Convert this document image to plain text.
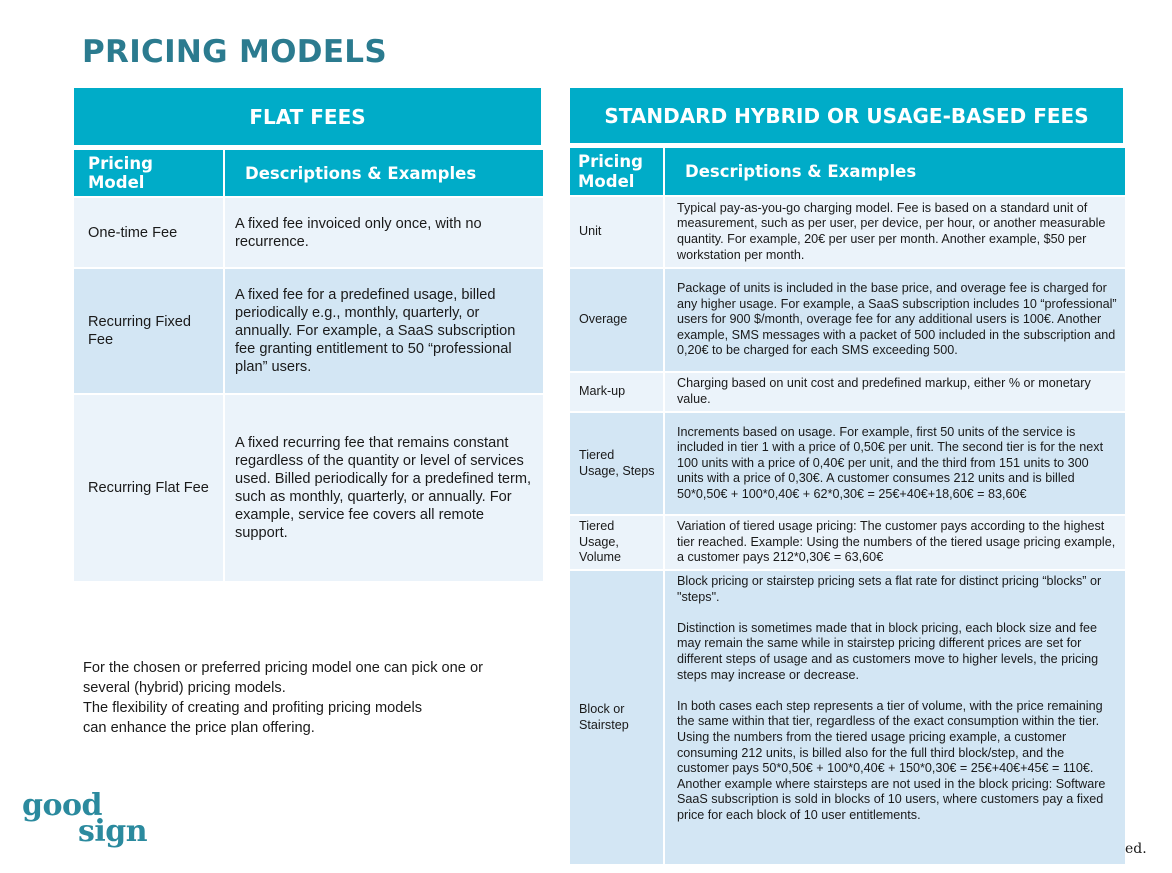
PRICING MODELS
FLAT FEES	STANDARD HYBRID OR USAGE-BASED FEES
Pricing Model	Descriptions & Examples
One-time Fee	A fixed fee invoiced only once, with no recurrence.
Recurring Fixed Fee	A fixed fee for a predefined usage, billed periodically e.g., monthly, quarterly, or annually. For example, a SaaS subscription fee granting entitlement to 50 “professional plan” users.
Recurring Flat Fee	A fixed recurring fee that remains constant regardless of the quantity or level of services used. Billed periodically for a predefined term, such as monthly, quarterly, or annually. For example, service fee covers all remote support.
Pricing Model	Descriptions & Examples
Unit	Typical pay-as-you-go charging model. Fee is based on a standard unit of measurement, such as per user, per device, per hour, or another measurable quantity. For example, 20€ per user per month. Another example, $50 per workstation per month.
Overage	Package of units is included in the base price, and overage fee is charged for any higher usage. For example, a SaaS subscription includes 10 “professional” users for 900 $/month, overage fee for any additional users is 100€. Another example, SMS messages with a packet of 500 included in the subscription and 0,20€ to be charged for each SMS exceeding 500.
Mark-up	Charging based on unit cost and predefined markup, either % or monetary value.
Tiered Usage, Steps	Increments based on usage. For example, first 50 units of the service is included in tier 1 with a price of 0,50€ per unit. The second tier is for the next 100 units with a price of 0,40€ per unit, and the third from 151 units to 300 units with a price of 0,30€. A customer consumes 212 units and is billed 50*0,50€ + 100*0,40€ + 62*0,30€ = 25€+40€+18,60€ = 83,60€
Tiered Usage, Volume	Variation of tiered usage pricing: The customer pays according to the highest tier reached. Example: Using the numbers of the tiered usage pricing example, a customer pays 212*0,30€ = 63,60€
Block or Stairstep	Block pricing or stairstep pricing sets a flat rate for distinct pricing “blocks” or "steps".

Distinction is sometimes made that in block pricing, each block size and fee may remain the same while in stairstep pricing different prices are set for different steps of usage and as customers move to higher levels, the pricing steps may increase or decrease.

In both cases each step represents a tier of volume, with the price remaining the same within that tier, regardless of the exact consumption within the tier. Using the numbers from the tiered usage pricing example, a customer consuming 212 units, is billed also for the full third block/step, and the customer pays 50*0,50€ + 100*0,40€ + 150*0,30€ = 25€+40€+45€ = 110€. Another example where stairsteps are not used in the block pricing: Software SaaS subscription is sold in blocks of 10 users, where customers pay a fixed price for each block of 10 user entitlements.

For the chosen or preferred pricing model one can pick one or
several (hybrid) pricing models.
The flexibility of creating and profiting pricing models
can enhance the price plan offering.

good
sign	ed.
